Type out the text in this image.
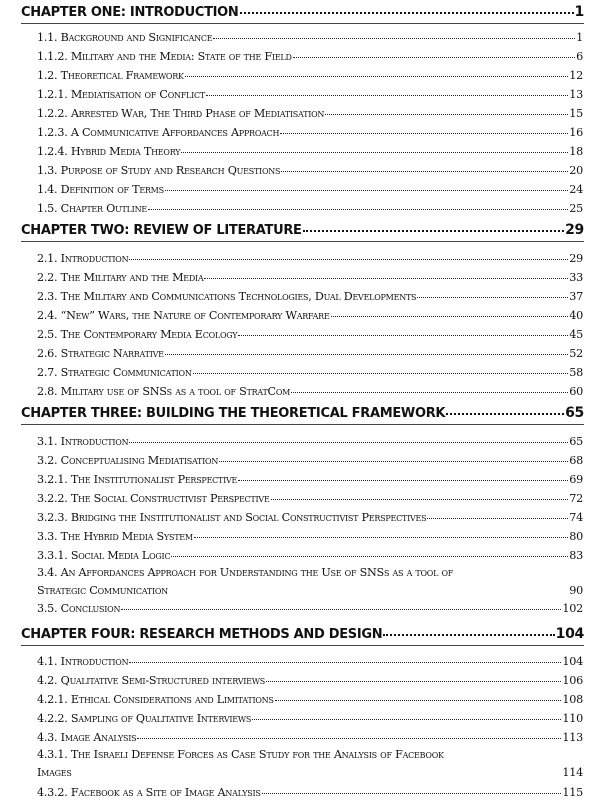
CHAPTER ONE: INTRODUCTION	1
1.1. Background and Significance	1
1.1.2. Military and the Media: State of the Field	6
1.2. Theoretical Framework	12
1.2.1. Mediatisation of Conflict	13
1.2.2. Arrested War, The Third Phase of Mediatisation	15
1.2.3. A Communicative Affordances Approach	16
1.2.4. Hybrid Media Theory	18
1.3. Purpose of Study and Research Questions	20
1.4. Definition of Terms	24
1.5. Chapter Outline	25
CHAPTER TWO: REVIEW OF LITERATURE	29
2.1. Introduction	29
2.2. The Military and the Media	33
2.3. The Military and Communications Technologies, Dual Developments	37
2.4. “New” Wars, the Nature of Contemporary Warfare	40
2.5. The Contemporary Media Ecology	45
2.6. Strategic Narrative	52
2.7. Strategic Communication	58
2.8. Military use of SNSs as a tool of StratCom	60
CHAPTER THREE: BUILDING THE THEORETICAL FRAMEWORK	65
3.1. Introduction	65
3.2. Conceptualising Mediatisation	68
3.2.1. The Institutionalist Perspective	69
3.2.2. The Social Constructivist Perspective	72
3.2.3. Bridging the Institutionalist and Social Constructivist Perspectives	74
3.3. The Hybrid Media System	80
3.3.1. Social Media Logic	83
3.4. An Affordances Approach for Understanding the Use of SNSs as a tool of
Strategic Communication	90
3.5. Conclusion	102
CHAPTER FOUR: RESEARCH METHODS AND DESIGN	104
4.1. Introduction	104
4.2. Qualitative Semi-Structured interviews	106
4.2.1. Ethical Considerations and Limitations	108
4.2.2. Sampling of Qualitative Interviews	110
4.3. Image Analysis	113
4.3.1. The Israeli Defense Forces as Case Study for the Analysis of Facebook
Images	114
4.3.2. Facebook as a Site of Image Analysis	115
